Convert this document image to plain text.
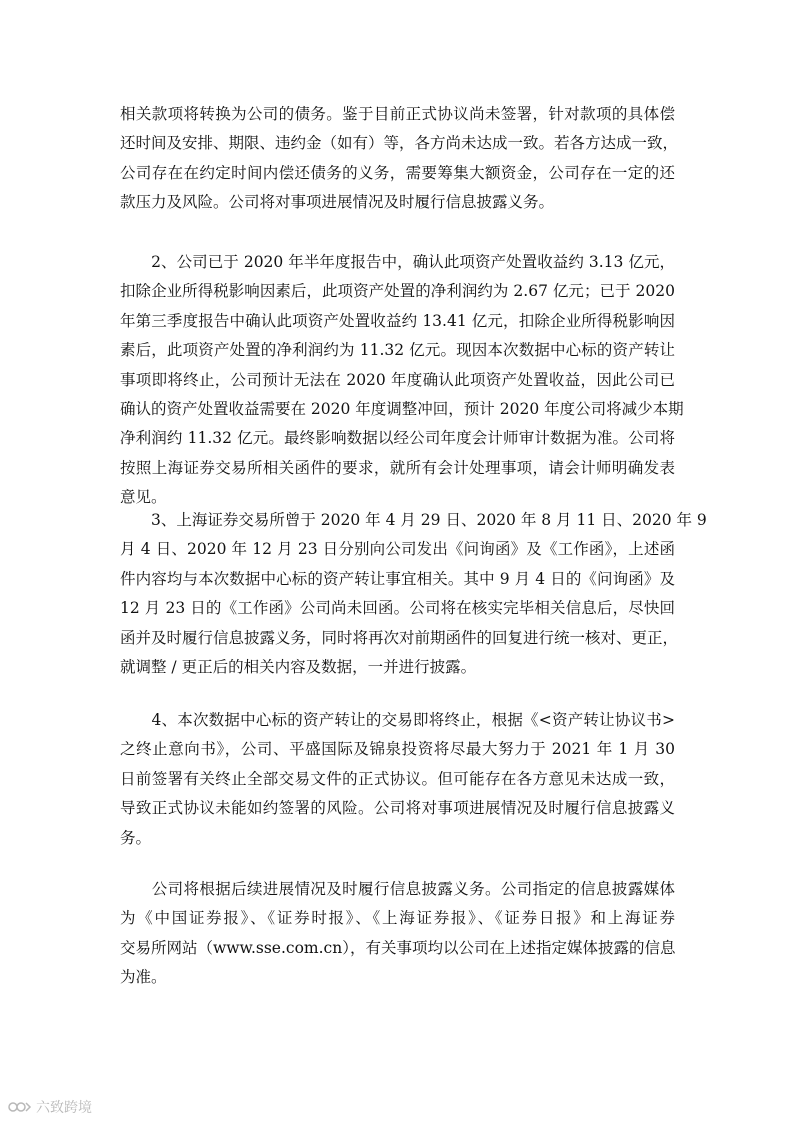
相关款项将转换为公司的债务。鉴于目前正式协议尚未签署，针对款项的具体偿

还时间及安排、期限、违约金（如有）等，各方尚未达成一致。若各方达成一致，

公司存在在约定时间内偿还债务的义务，需要筹集大额资金，公司存在一定的还

款压力及风险。公司将对事项进展情况及时履行信息披露义务。

　　2、公司已于 2020 年半年度报告中，确认此项资产处置收益约 3.13 亿元，

扣除企业所得税影响因素后，此项资产处置的净利润约为 2.67 亿元；已于 2020

年第三季度报告中确认此项资产处置收益约 13.41 亿元，扣除企业所得税影响因

素后，此项资产处置的净利润约为 11.32 亿元。现因本次数据中心标的资产转让

事项即将终止，公司预计无法在 2020 年度确认此项资产处置收益，因此公司已

确认的资产处置收益需要在 2020 年度调整冲回，预计 2020 年度公司将减少本期

净利润约 11.32 亿元。最终影响数据以经公司年度会计师审计数据为准。公司将

按照上海证券交易所相关函件的要求，就所有会计处理事项，请会计师明确发表

意见。

　　3、上海证券交易所曾于 2020 年 4 月 29 日、2020 年 8 月 11 日、2020 年 9

月 4 日、2020 年 12 月 23 日分别向公司发出《问询函》及《工作函》，上述函

件内容均与本次数据中心标的资产转让事宜相关。其中 9 月 4 日的《问询函》及

12 月 23 日的《工作函》公司尚未回函。公司将在核实完毕相关信息后，尽快回

函并及时履行信息披露义务，同时将再次对前期函件的回复进行统一核对、更正，

就调整 / 更正后的相关内容及数据，一并进行披露。

　　4、本次数据中心标的资产转让的交易即将终止，根据《<资产转让协议书>

之终止意向书》，公司、平盛国际及锦泉投资将尽最大努力于 2021 年 1 月 30

日前签署有关终止全部交易文件的正式协议。但可能存在各方意见未达成一致，

导致正式协议未能如约签署的风险。公司将对事项进展情况及时履行信息披露义

务。

　　公司将根据后续进展情况及时履行信息披露义务。公司指定的信息披露媒体

为《中国证券报》、《证券时报》、《上海证券报》、《证券日报》和上海证券

交易所网站（www.sse.com.cn），有关事项均以公司在上述指定媒体披露的信息

为准。

六致跨境
